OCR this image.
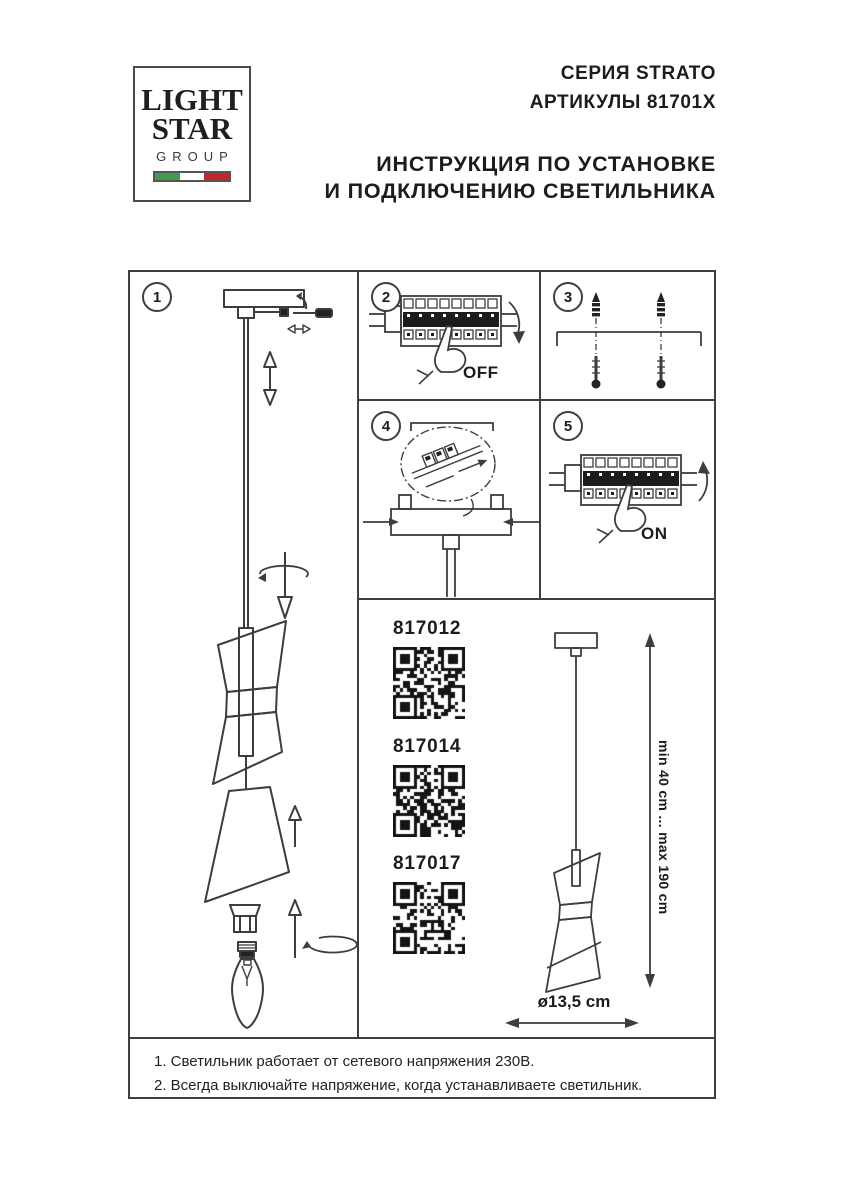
LIGHT
STAR
GROUP
СЕРИЯ STRATO
АРТИКУЛЫ 81701X
ИНСТРУКЦИЯ ПО УСТАНОВКЕ
И ПОДКЛЮЧЕНИЮ СВЕТИЛЬНИКА
1	2
OFF
3
4	5
ON
817012
817014
817017	min 40 cm ... max 190 cm
ø13,5 cm
1. Светильник работает от сетевого напряжения 230В.
2. Всегда выключайте напряжение, когда устанавливаете светильник.
